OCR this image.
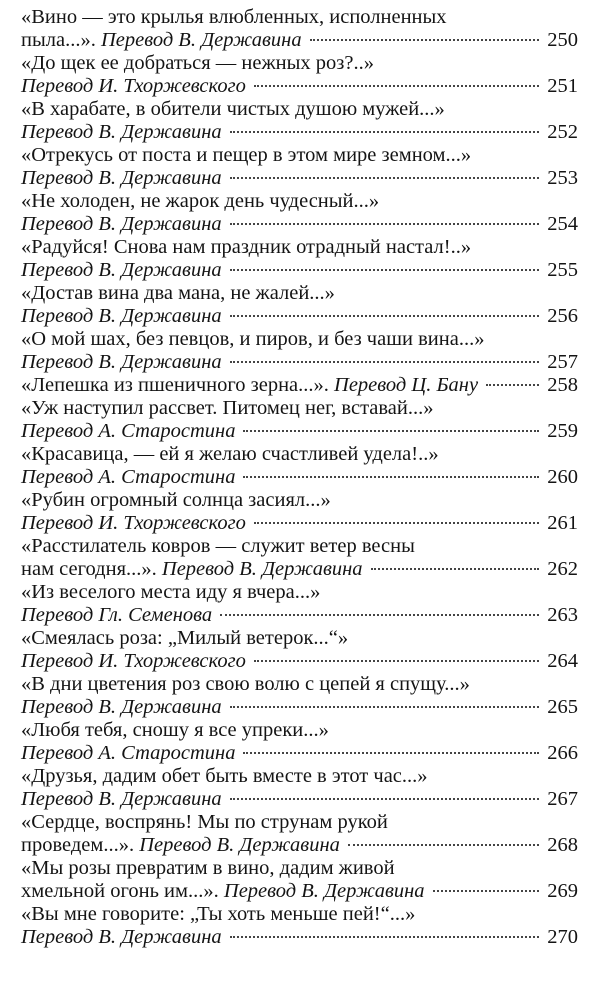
«Вино — это крылья влюбленных, исполненных
пыла...». Перевод В. Державина	250
«До щек ее добраться — нежных роз?..»
Перевод И. Тхоржевского	251
«В харабате, в обители чистых душою мужей...»
Перевод В. Державина	252
«Отрекусь от поста и пещер в этом мире земном...»
Перевод В. Державина	253
«Не холоден, не жарок день чудесный...»
Перевод В. Державина	254
«Радуйся! Снова нам праздник отрадный настал!..»
Перевод В. Державина	255
«Достав вина два мана, не жалей...»
Перевод В. Державина	256
«О мой шах, без певцов, и пиров, и без чаши вина...»
Перевод В. Державина	257
«Лепешка из пшеничного зерна...». Перевод Ц. Бану	258
«Уж наступил рассвет. Питомец нег, вставай...»
Перевод А. Старостина	259
«Красавица, — ей я желаю счастливей удела!..»
Перевод А. Старостина	260
«Рубин огромный солнца засиял...»
Перевод И. Тхоржевского	261
«Расстилатель ковров — служит ветер весны
нам сегодня...». Перевод В. Державина	262
«Из веселого места иду я вчера...»
Перевод Гл. Семенова	263
«Смеялась роза: „Милый ветерок...“»
Перевод И. Тхоржевского	264
«В дни цветения роз свою волю с цепей я спущу...»
Перевод В. Державина	265
«Любя тебя, сношу я все упреки...»
Перевод А. Старостина	266
«Друзья, дадим обет быть вместе в этот час...»
Перевод В. Державина	267
«Сердце, воспрянь! Мы по струнам рукой
проведем...». Перевод В. Державина	268
«Мы розы превратим в вино, дадим живой
хмельной огонь им...». Перевод В. Державина	269
«Вы мне говорите: „Ты хоть меньше пей!“...»
Перевод В. Державина	270
